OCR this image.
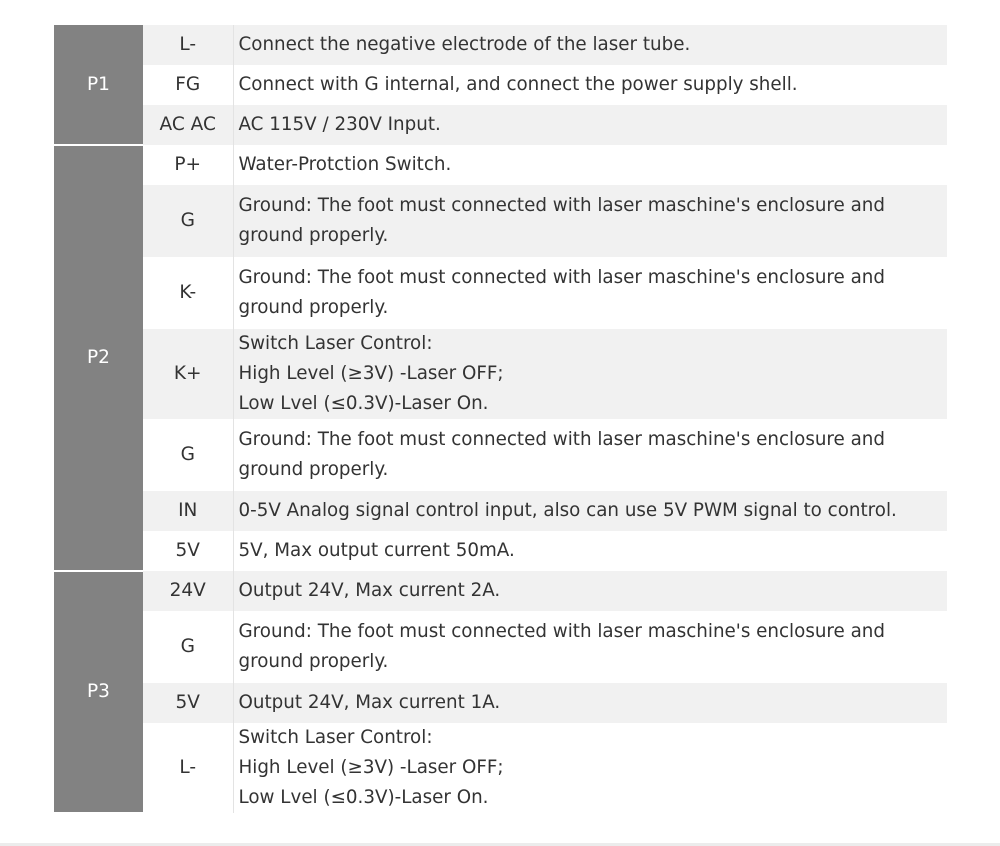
P1	L-	Connect the negative electrode of the laser tube.

	FG	Connect with G internal, and connect the power supply shell.

	AC AC	AC 115V / 230V Input.

P2	P+	Water-Protction Switch.

	G	Ground: The foot must connected with laser maschine's enclosure and
ground properly.

	K-	Ground: The foot must connected with laser maschine's enclosure and
ground properly.

	K+	Switch Laser Control:
High Level (≥3V) -Laser OFF;
Low Lvel (≤0.3V)-Laser On.

	G	Ground: The foot must connected with laser maschine's enclosure and
ground properly.

	IN	0-5V Analog signal control input, also can use 5V PWM signal to control.

	5V	5V, Max output current 50mA.

P3	24V	Output 24V, Max current 2A.

	G	Ground: The foot must connected with laser maschine's enclosure and
ground properly.

	5V	Output 24V, Max current 1A.

	L-	Switch Laser Control:
High Level (≥3V) -Laser OFF;
Low Lvel (≤0.3V)-Laser On.
